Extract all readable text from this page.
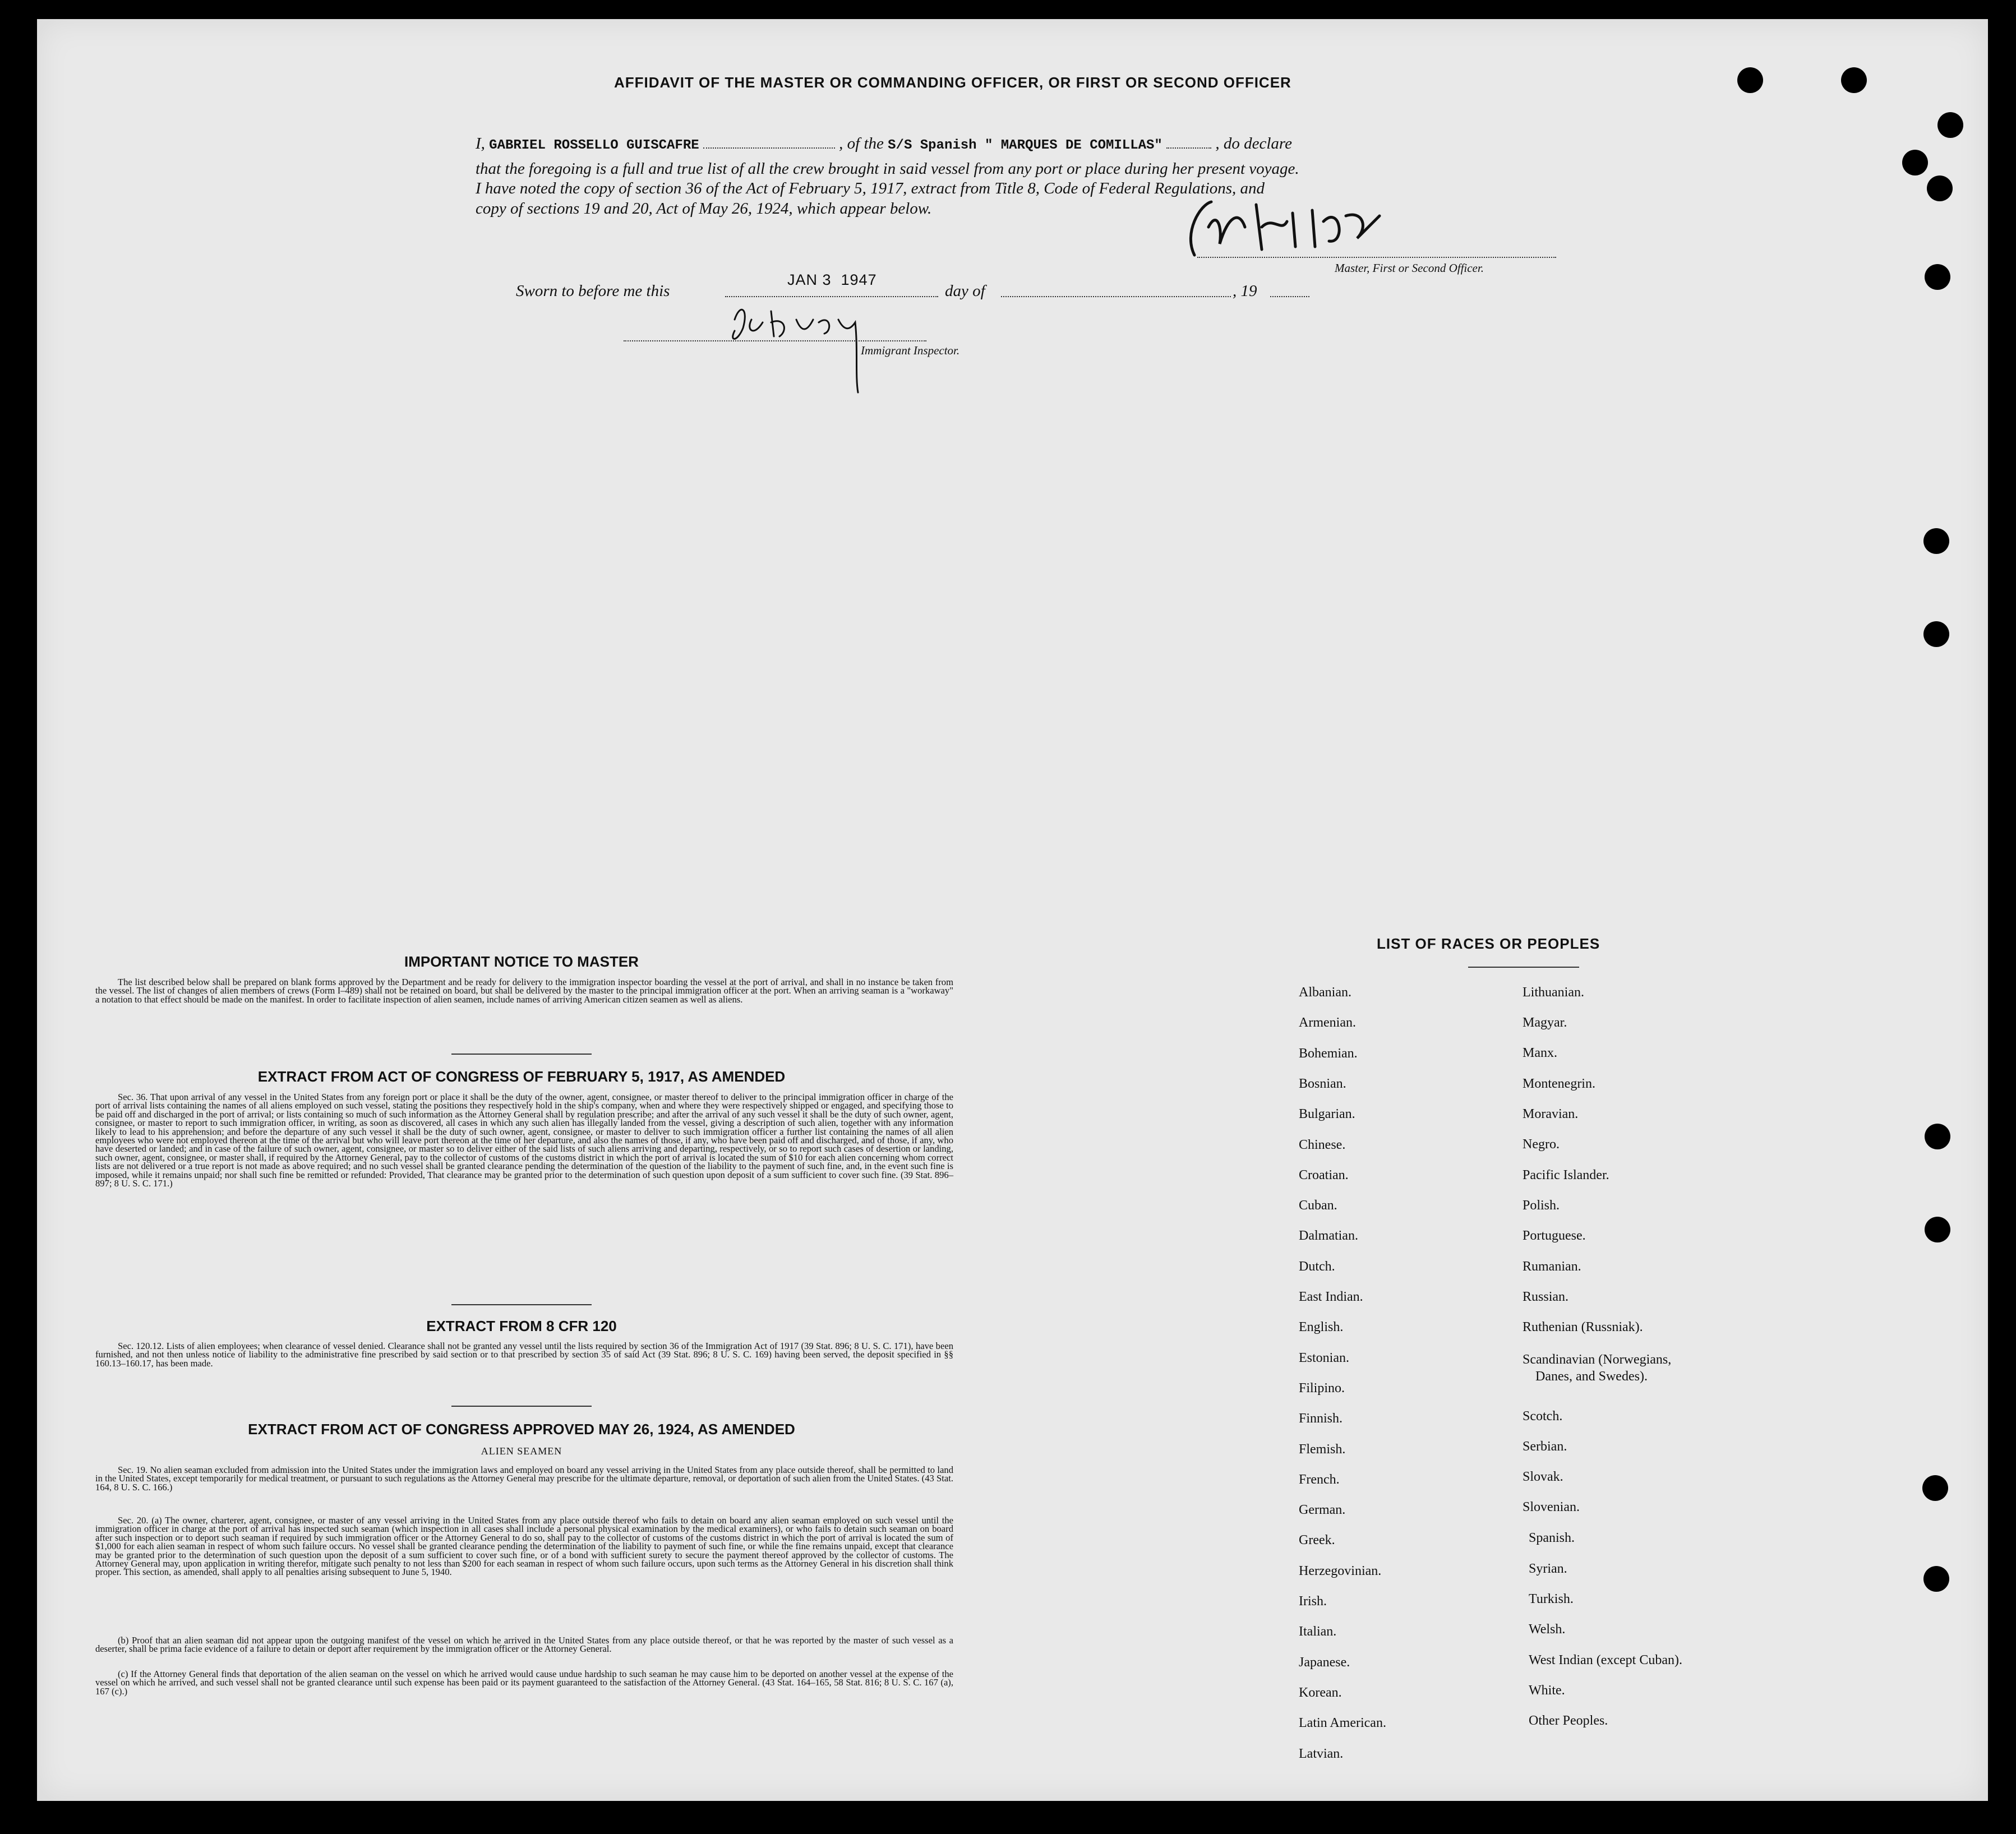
AFFIDAVIT OF THE MASTER OR COMMANDING OFFICER, OR FIRST OR SECOND OFFICER
I, GABRIEL ROSSELLO GUISCAFRE	, of the S/S Spanish " MARQUES DE COMILLAS"	, do declare
that the foregoing is a full and true list of all the crew brought in said vessel from any port or place during her present voyage.
I have noted the copy of section 36 of the Act of February 5, 1917, extract from Title 8, Code of Federal Regulations, and
copy of sections 19 and 20, Act of May 26, 1924, which appear below.
Master, First or Second Officer.
Sworn to before me this
JAN 3  1947
day of	, 19
Immigrant Inspector.
IMPORTANT NOTICE TO MASTER
The list described below shall be prepared on blank forms approved by the Department and be ready for delivery to the immigration inspector boarding the vessel at the port of arrival, and shall in no instance be taken from the vessel. The list of changes of alien members of crews (Form I–489) shall not be retained on board, but shall be delivered by the master to the principal immigration officer at the port. When an arriving seaman is a "workaway" a notation to that effect should be made on the manifest. In order to facilitate inspection of alien seamen, include names of arriving American citizen seamen as well as aliens.
EXTRACT FROM ACT OF CONGRESS OF FEBRUARY 5, 1917, AS AMENDED
Sec. 36. That upon arrival of any vessel in the United States from any foreign port or place it shall be the duty of the owner, agent, consignee, or master thereof to deliver to the principal immigration officer in charge of the port of arrival lists containing the names of all aliens employed on such vessel, stating the positions they respectively hold in the ship's company, when and where they were respectively shipped or engaged, and specifying those to be paid off and discharged in the port of arrival; or lists containing so much of such information as the Attorney General shall by regulation prescribe; and after the arrival of any such vessel it shall be the duty of such owner, agent, consignee, or master to report to such immigration officer, in writing, as soon as discovered, all cases in which any such alien has illegally landed from the vessel, giving a description of such alien, together with any information likely to lead to his apprehension; and before the departure of any such vessel it shall be the duty of such owner, agent, consignee, or master to deliver to such immigration officer a further list containing the names of all alien employees who were not employed thereon at the time of the arrival but who will leave port thereon at the time of her departure, and also the names of those, if any, who have been paid off and discharged, and of those, if any, who have deserted or landed; and in case of the failure of such owner, agent, consignee, or master so to deliver either of the said lists of such aliens arriving and departing, respectively, or so to report such cases of desertion or landing, such owner, agent, consignee, or master shall, if required by the Attorney General, pay to the collector of customs of the customs district in which the port of arrival is located the sum of $10 for each alien concerning whom correct lists are not delivered or a true report is not made as above required; and no such vessel shall be granted clearance pending the determination of the question of the liability to the payment of such fine, and, in the event such fine is imposed, while it remains unpaid; nor shall such fine be remitted or refunded: Provided, That clearance may be granted prior to the determination of such question upon deposit of a sum sufficient to cover such fine. (39 Stat. 896–897; 8 U. S. C. 171.)
EXTRACT FROM 8 CFR 120
Sec. 120.12. Lists of alien employees; when clearance of vessel denied. Clearance shall not be granted any vessel until the lists required by section 36 of the Immigration Act of 1917 (39 Stat. 896; 8 U. S. C. 171), have been furnished, and not then unless notice of liability to the administrative fine prescribed by said section or to that prescribed by section 35 of said Act (39 Stat. 896; 8 U. S. C. 169) having been served, the deposit specified in §§ 160.13–160.17, has been made.
EXTRACT FROM ACT OF CONGRESS APPROVED MAY 26, 1924, AS AMENDED
ALIEN SEAMEN
Sec. 19. No alien seaman excluded from admission into the United States under the immigration laws and employed on board any vessel arriving in the United States from any place outside thereof, shall be permitted to land in the United States, except temporarily for medical treatment, or pursuant to such regulations as the Attorney General may prescribe for the ultimate departure, removal, or deportation of such alien from the United States. (43 Stat. 164, 8 U. S. C. 166.)
Sec. 20. (a) The owner, charterer, agent, consignee, or master of any vessel arriving in the United States from any place outside thereof who fails to detain on board any alien seaman employed on such vessel until the immigration officer in charge at the port of arrival has inspected such seaman (which inspection in all cases shall include a personal physical examination by the medical examiners), or who fails to detain such seaman on board after such inspection or to deport such seaman if required by such immigration officer or the Attorney General to do so, shall pay to the collector of customs of the customs district in which the port of arrival is located the sum of $1,000 for each alien seaman in respect of whom such failure occurs. No vessel shall be granted clearance pending the determination of the liability to payment of such fine, or while the fine remains unpaid, except that clearance may be granted prior to the determination of such question upon the deposit of a sum sufficient to cover such fine, or of a bond with sufficient surety to secure the payment thereof approved by the collector of customs. The Attorney General may, upon application in writing therefor, mitigate such penalty to not less than $200 for each seaman in respect of whom such failure occurs, upon such terms as the Attorney General in his discretion shall think proper. This section, as amended, shall apply to all penalties arising subsequent to June 5, 1940.
(b) Proof that an alien seaman did not appear upon the outgoing manifest of the vessel on which he arrived in the United States from any place outside thereof, or that he was reported by the master of such vessel as a deserter, shall be prima facie evidence of a failure to detain or deport after requirement by the immigration officer or the Attorney General.
(c) If the Attorney General finds that deportation of the alien seaman on the vessel on which he arrived would cause undue hardship to such seaman he may cause him to be deported on another vessel at the expense of the vessel on which he arrived, and such vessel shall not be granted clearance until such expense has been paid or its payment guaranteed to the satisfaction of the Attorney General. (43 Stat. 164–165, 58 Stat. 816; 8 U. S. C. 167 (a), 167 (c).)
LIST OF RACES OR PEOPLES
Albanian.
Armenian.
Bohemian.
Bosnian.
Bulgarian.
Chinese.
Croatian.
Cuban.
Dalmatian.
Dutch.
East Indian.
English.
Estonian.
Filipino.
Finnish.
Flemish.
French.
German.
Greek.
Herzegovinian.
Irish.
Italian.
Japanese.
Korean.
Latin American.
Latvian.
Lithuanian.
Magyar.
Manx.
Montenegrin.
Moravian.
Negro.
Pacific Islander.
Polish.
Portuguese.
Rumanian.
Russian.
Ruthenian (Russniak).
Scandinavian (Norwegians,
Danes, and Swedes).
Scotch.
Serbian.
Slovak.
Slovenian.
Spanish.
Syrian.
Turkish.
Welsh.
West Indian (except Cuban).
White.
Other Peoples.
